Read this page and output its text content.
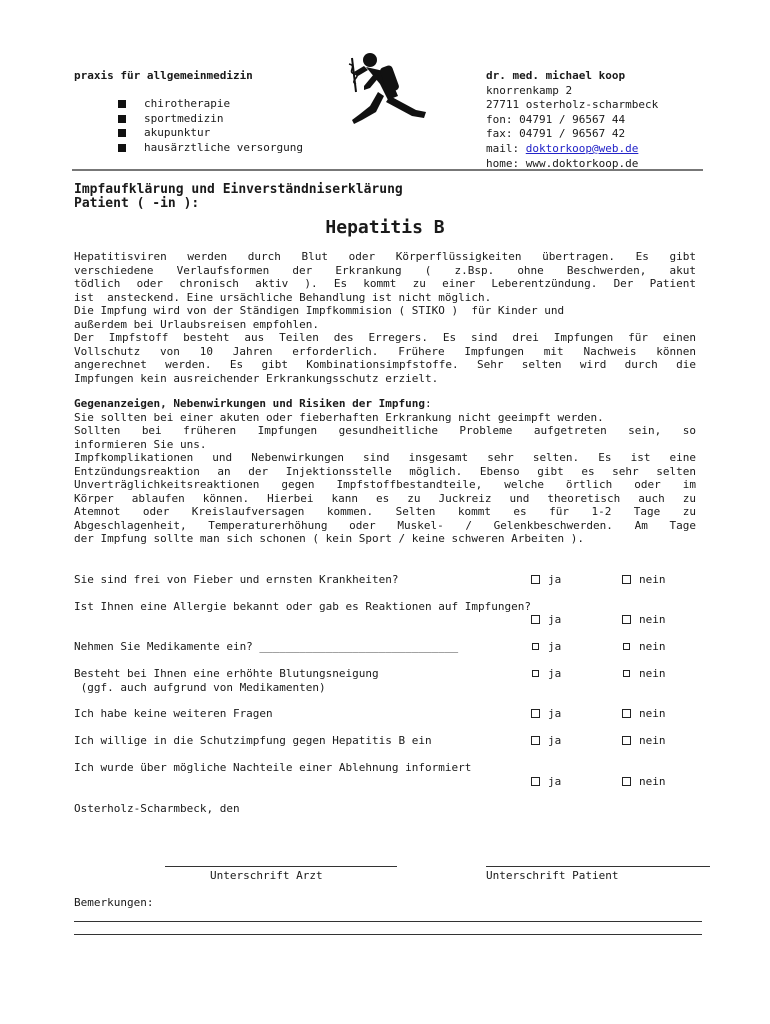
praxis für allgemeinmedizin
chirotherapie
sportmedizin
akupunktur
hausärztliche versorgung
dr. med. michael koop
knorrenkamp 2
27711 osterholz-scharmbeck
fon: 04791 / 96567 44
fax: 04791 / 96567 42
mail: doktorkoop@web.de
home: www.doktorkoop.de
Impfaufklärung und Einverständniserklärung
Patient ( -in ):
Hepatitis B
Hepatitisviren werden durch Blut oder Körperflüssigkeiten übertragen. Es gibt
verschiedene Verlaufsformen der Erkrankung ( z.Bsp. ohne Beschwerden, akut
tödlich oder chronisch aktiv ). Es kommt zu einer Leberentzündung. Der Patient
ist  ansteckend. Eine ursächliche Behandlung ist nicht möglich.
Die Impfung wird von der Ständigen Impfkommision ( STIKO )  für Kinder und
außerdem bei Urlaubsreisen empfohlen.
Der Impfstoff besteht aus Teilen des Erregers. Es sind drei Impfungen für einen
Vollschutz von 10 Jahren erforderlich. Frühere Impfungen mit Nachweis können
angerechnet werden. Es gibt Kombinationsimpfstoffe. Sehr selten wird durch die
Impfungen kein ausreichender Erkrankungsschutz erzielt.
Gegenanzeigen, Nebenwirkungen und Risiken der Impfung:
Sie sollten bei einer akuten oder fieberhaften Erkrankung nicht geeimpft werden.
Sollten bei früheren Impfungen gesundheitliche Probleme aufgetreten sein, so
informieren Sie uns.
Impfkomplikationen und Nebenwirkungen sind insgesamt sehr selten. Es ist eine
Entzündungsreaktion an der Injektionsstelle möglich. Ebenso gibt es sehr selten
Unverträglichkeitsreaktionen gegen Impfstoffbestandteile, welche örtlich oder im
Körper ablaufen können. Hierbei kann es zu Juckreiz und theoretisch auch zu
Atemnot oder Kreislaufversagen kommen. Selten kommt es für 1-2 Tage zu
Abgeschlagenheit, Temperaturerhöhung oder Muskel- / Gelenkbeschwerden. Am Tage
der Impfung sollte man sich schonen ( kein Sport / keine schweren Arbeiten ).
Sie sind frei von Fieber und ernsten Krankheiten?	ja	nein
Ist Ihnen eine Allergie bekannt oder gab es Reaktionen auf Impfungen?
ja	nein
Nehmen Sie Medikamente ein? ______________________________	ja	nein
Besteht bei Ihnen eine erhöhte Blutungsneigung
(ggf. auch aufgrund von Medikamenten)
ja	nein
Ich habe keine weiteren Fragen	ja	nein
Ich willige in die Schutzimpfung gegen Hepatitis B ein	ja	nein
Ich wurde über mögliche Nachteile einer Ablehnung informiert
ja	nein
Osterholz-Scharmbeck, den
Unterschrift Arzt	Unterschrift Patient
Bemerkungen:
